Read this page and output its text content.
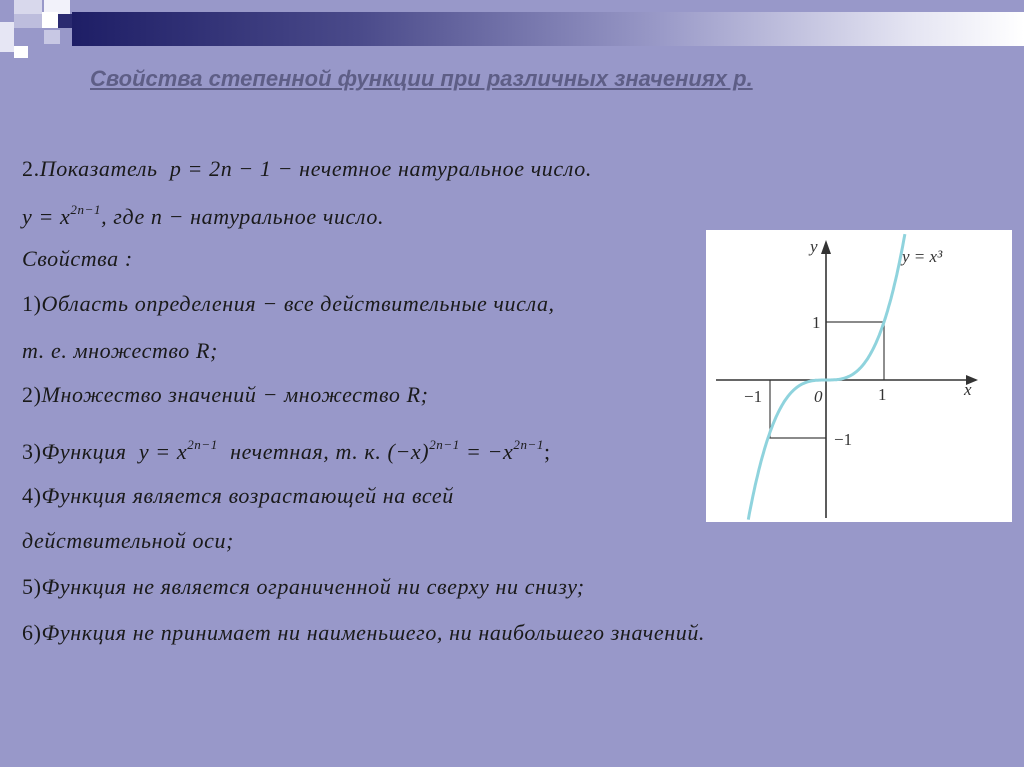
Свойства степенной функции при различных значениях р.
2.Показатель p = 2n − 1 − нечетное натуральное число.
$y = x^{2n-1}$, где n − натуральное число.
Свойства :
1)Область определения − все действительные числа,
т. е. множество R;
2)Множество значений − множество R;
3)Функция $y = x^{2n-1}$ нечетная, т. к. $(-x)^{2n-1} = -x^{2n-1}$;
4)Функция является возрастающей на всей
действительной оси;
5)Функция не является ограниченной ни сверху ни снизу;
6)Функция не принимает ни наименьшего, ни наибольшего значений.
y
x
y = x³
1
1
−1
−1
0
